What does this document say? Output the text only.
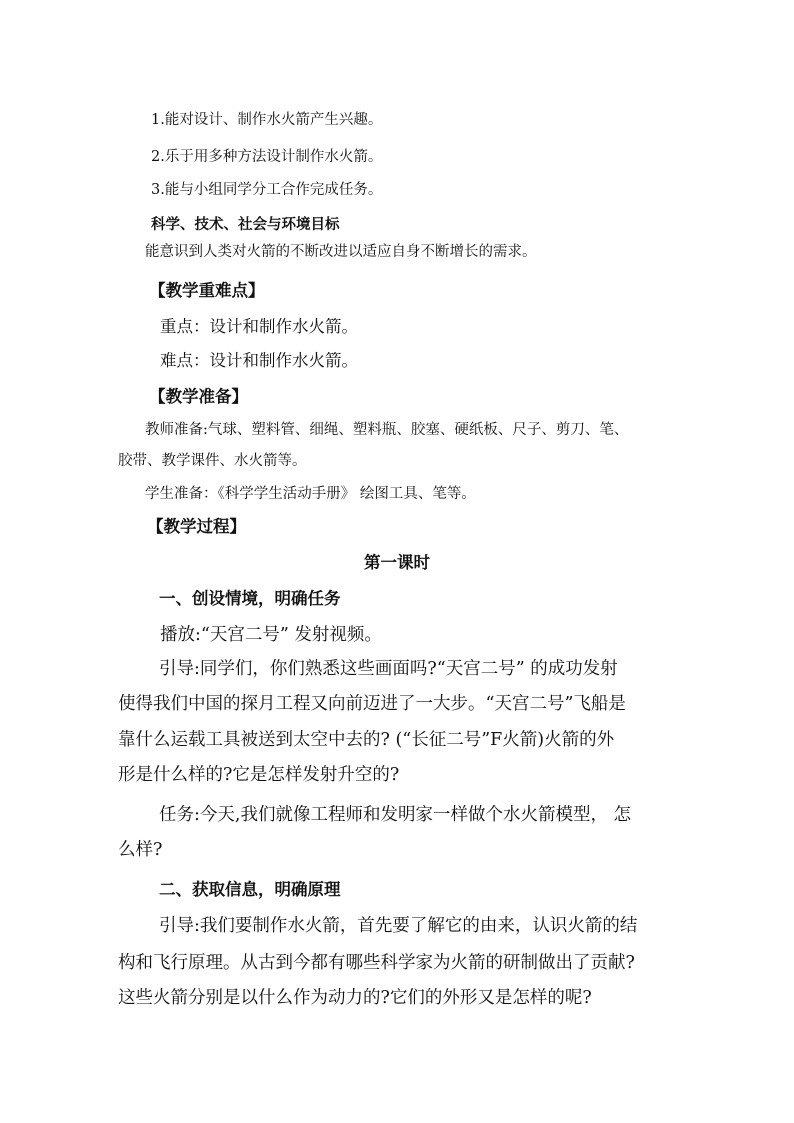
1.能对设计、制作水火箭产生兴趣。
2.乐于用多种方法设计制作水火箭。
3.能与小组同学分工合作完成任务。
科学、技术、社会与环境目标
能意识到人类对火箭的不断改进以适应自身不断增长的需求。
【教学重难点】
重点：设计和制作水火箭。
难点：设计和制作水火箭。
【教学准备】
教师准备:气球、塑料管、细绳、塑料瓶、胶塞、硬纸板、尺子、剪刀、笔、
胶带、教学课件、水火箭等。
学生准备：《科学学生活动手册》 绘图工具、笔等。
【教学过程】
第一课时
一、创设情境，明确任务
播放:“天宫二号” 发射视频。
引导:同学们，你们熟悉这些画面吗?“天宫二号” 的成功发射
使得我们中国的探月工程又向前迈进了一大步。“天宫二号”飞船是
靠什么运载工具被送到太空中去的? (“长征二号”F火箭)火箭的外
形是什么样的?它是怎样发射升空的?
任务:今天,我们就像工程师和发明家一样做个水火箭模型， 怎
么样?
二、获取信息，明确原理
引导:我们要制作水火箭，首先要了解它的由来，认识火箭的结
构和飞行原理。从古到今都有哪些科学家为火箭的研制做出了贡献?
这些火箭分别是以什么作为动力的?它们的外形又是怎样的呢?
